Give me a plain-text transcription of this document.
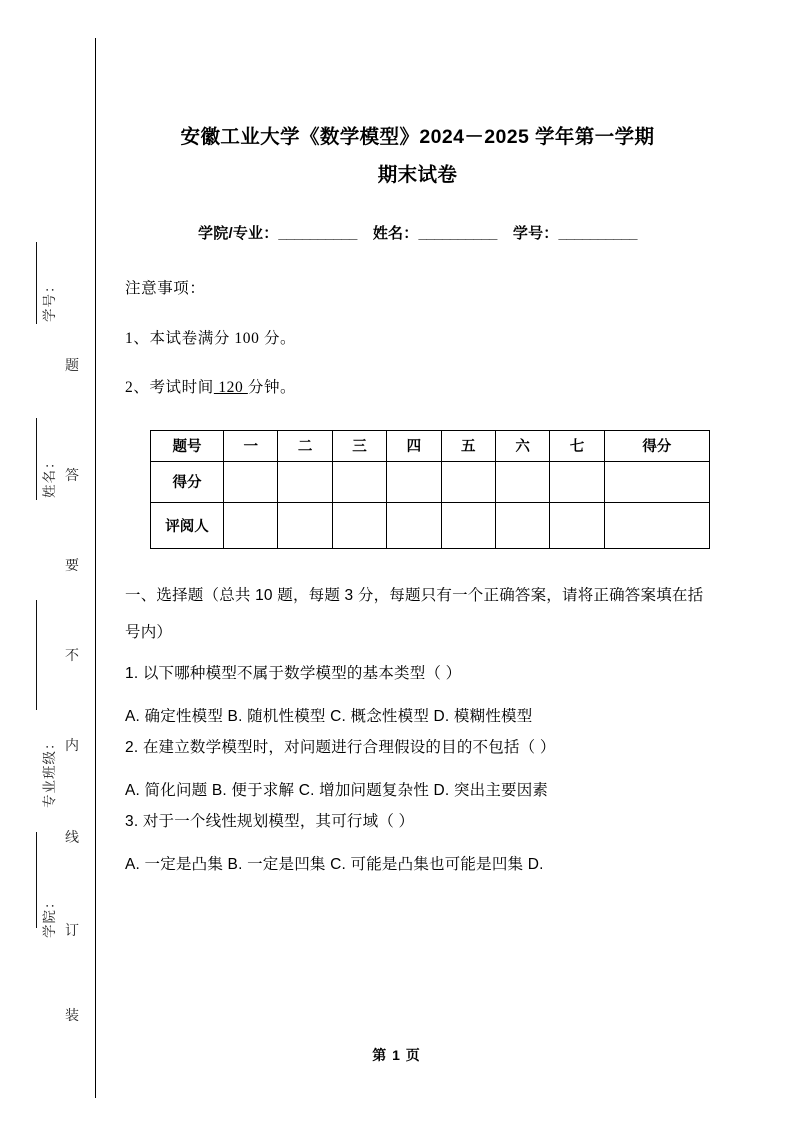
学号：
姓名：
专业班级：
学院：
题
答
要
不
内
线
订
装
安徽工业大学《数学模型》2024－2025 学年第一学期
期末试卷
学院/专业：__________ 姓名：__________ 学号：__________
注意事项：
1、本试卷满分 100 分。
2、考试时间 120 分钟。
题号	一	二	三	四	五	六	七	得分
得分								
评阅人								
一、选择题（总共 10 题，每题 3 分，每题只有一个正确答案，请将正确答案填在括号内）
1. 以下哪种模型不属于数学模型的基本类型（ ）
A. 确定性模型 B. 随机性模型 C. 概念性模型 D. 模糊性模型
2. 在建立数学模型时，对问题进行合理假设的目的不包括（ ）
A. 简化问题 B. 便于求解 C. 增加问题复杂性 D. 突出主要因素
3. 对于一个线性规划模型，其可行域（ ）
A. 一定是凸集 B. 一定是凹集 C. 可能是凸集也可能是凹集 D.
第 1 页
